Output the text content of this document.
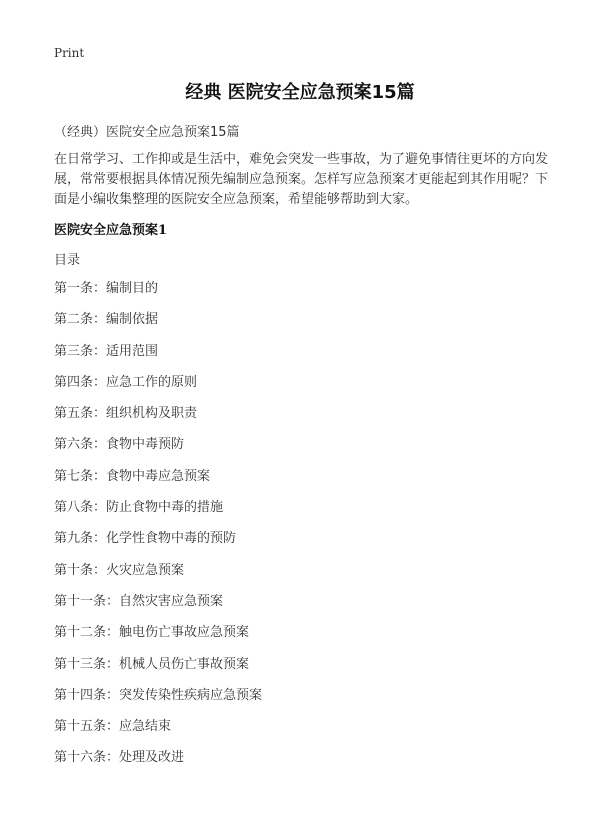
Print
经典 医院安全应急预案15篇
（经典）医院安全应急预案15篇

在日常学习、工作抑或是生活中，难免会突发一些事故，为了避免事情往更坏的方向发展，常常要根据具体情况预先编制应急预案。怎样写应急预案才更能起到其作用呢？下面是小编收集整理的医院安全应急预案，希望能够帮助到大家。

医院安全应急预案1
目录
第一条：编制目的
第二条：编制依据
第三条：适用范围
第四条：应急工作的原则
第五条：组织机构及职责
第六条：食物中毒预防
第七条：食物中毒应急预案
第八条：防止食物中毒的措施
第九条：化学性食物中毒的预防
第十条：火灾应急预案
第十一条：自然灾害应急预案
第十二条：触电伤亡事故应急预案
第十三条：机械人员伤亡事故预案
第十四条：突发传染性疾病应急预案
第十五条：应急结束
第十六条：处理及改进
